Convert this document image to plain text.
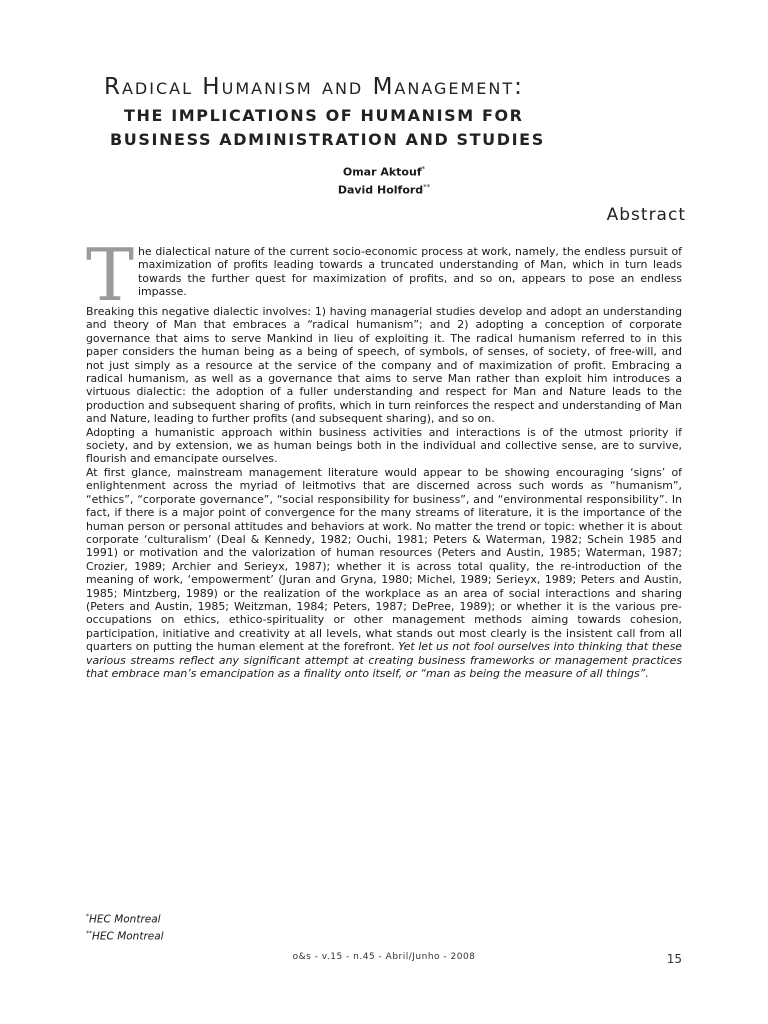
Radical Humanism and Management:
THE IMPLICATIONS OF HUMANISM FOR
BUSINESS ADMINISTRATION AND STUDIES
Omar Aktouf*
David Holford**
Abstract

The dialectical nature of the current socio-economic process at work, namely, the endless pursuit of maximization of profits leading towards a truncated understanding of Man, which in turn leads towards the further quest for maximization of profits, and so on, appears to pose an endless impasse.

Breaking this negative dialectic involves: 1) having managerial studies develop and adopt an understanding and theory of Man that embraces a “radical humanism”; and 2) adopting a conception of corporate governance that aims to serve Mankind in lieu of exploiting it. The radical humanism referred to in this paper considers the human being as a being of speech, of symbols, of senses, of society, of free-will, and not just simply as a resource at the service of the company and of maximization of profit. Embracing a radical humanism, as well as a governance that aims to serve Man rather than exploit him introduces a virtuous dialectic: the adoption of a fuller understanding and respect for Man and Nature leads to the production and subsequent sharing of profits, which in turn reinforces the respect and understanding of Man and Nature, leading to further profits (and subsequent sharing), and so on.

Adopting a humanistic approach within business activities and interactions is of the utmost priority if society, and by extension, we as human beings both in the individual and collective sense, are to survive, flourish and emancipate ourselves.

At first glance, mainstream management literature would appear to be showing encouraging ‘signs’ of enlightenment across the myriad of leitmotivs that are discerned across such words as “humanism”, “ethics”, “corporate governance”, “social responsibility for business”, and “environmental responsibility”. In fact, if there is a major point of convergence for the many streams of literature, it is the importance of the human person or personal attitudes and behaviors at work. No matter the trend or topic: whether it is about corporate ‘culturalism’ (Deal & Kennedy, 1982; Ouchi, 1981; Peters & Waterman, 1982; Schein 1985 and 1991) or motivation and the valorization of human resources (Peters and Austin, 1985; Waterman, 1987; Crozier, 1989; Archier and Serieyx, 1987); whether it is across total quality, the re-introduction of the meaning of work, ‘empowerment’ (Juran and Gryna, 1980; Michel, 1989; Serieyx, 1989; Peters and Austin, 1985; Mintzberg, 1989) or the realization of the workplace as an area of social interactions and sharing (Peters and Austin, 1985; Weitzman, 1984; Peters, 1987; DePree, 1989); or whether it is the various pre-occupations on ethics, ethico-spirituality or other management methods aiming towards cohesion, participation, initiative and creativity at all levels, what stands out most clearly is the insistent call from all quarters on putting the human element at the forefront. Yet let us not fool ourselves into thinking that these various streams reflect any significant attempt at creating business frameworks or management practices that embrace man’s emancipation as a finality onto itself, or “man as being the measure of all things”.

*HEC Montreal
**HEC Montreal
o&s - v.15 - n.45 - Abril/Junho - 2008	15
